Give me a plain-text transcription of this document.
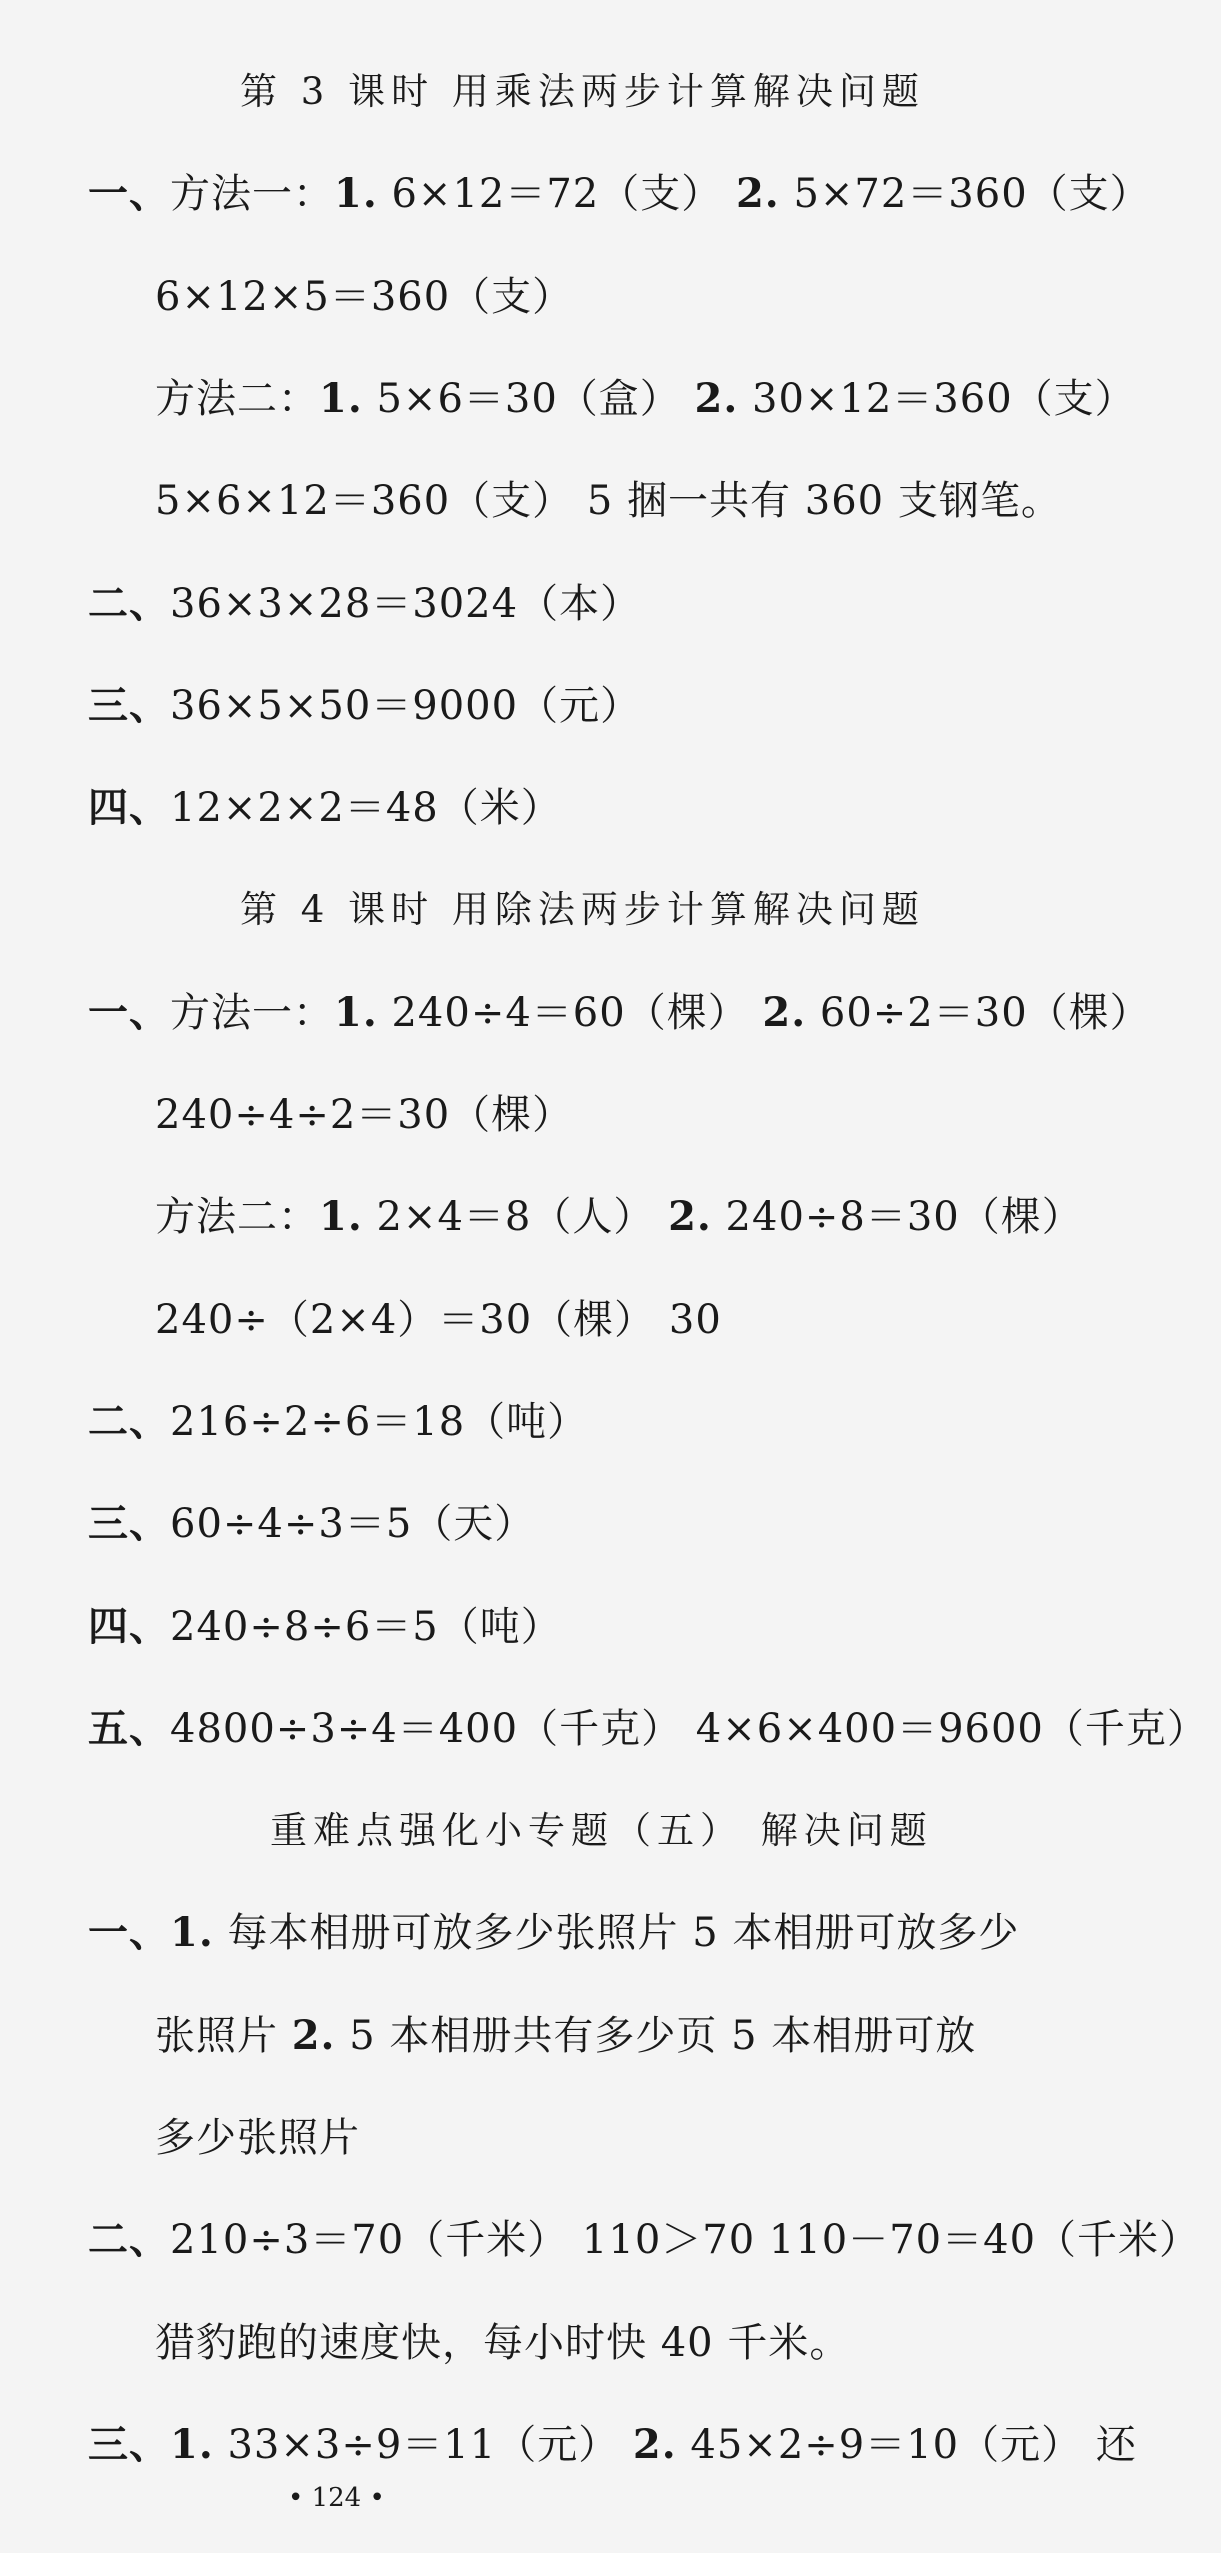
第 3 课时 用乘法两步计算解决问题
一、方法一：1. 6×12＝72（支） 2. 5×72＝360（支）
6×12×5＝360（支）
方法二：1. 5×6＝30（盒） 2. 30×12＝360（支）
5×6×12＝360（支） 5 捆一共有 360 支钢笔。
二、36×3×28＝3024（本）
三、36×5×50＝9000（元）
四、12×2×2＝48（米）
第 4 课时 用除法两步计算解决问题
一、方法一：1. 240÷4＝60（棵） 2. 60÷2＝30（棵）
240÷4÷2＝30（棵）
方法二：1. 2×4＝8（人） 2. 240÷8＝30（棵）
240÷（2×4）＝30（棵） 30
二、216÷2÷6＝18（吨）
三、60÷4÷3＝5（天）
四、240÷8÷6＝5（吨）
五、4800÷3÷4＝400（千克） 4×6×400＝9600（千克）
重难点强化小专题（五） 解决问题
一、1. 每本相册可放多少张照片 5 本相册可放多少
张照片 2. 5 本相册共有多少页 5 本相册可放
多少张照片
二、210÷3＝70（千米） 110＞70 110－70＝40（千米）
猎豹跑的速度快，每小时快 40 千米。
三、1. 33×3÷9＝11（元） 2. 45×2÷9＝10（元） 还
• 124 •
